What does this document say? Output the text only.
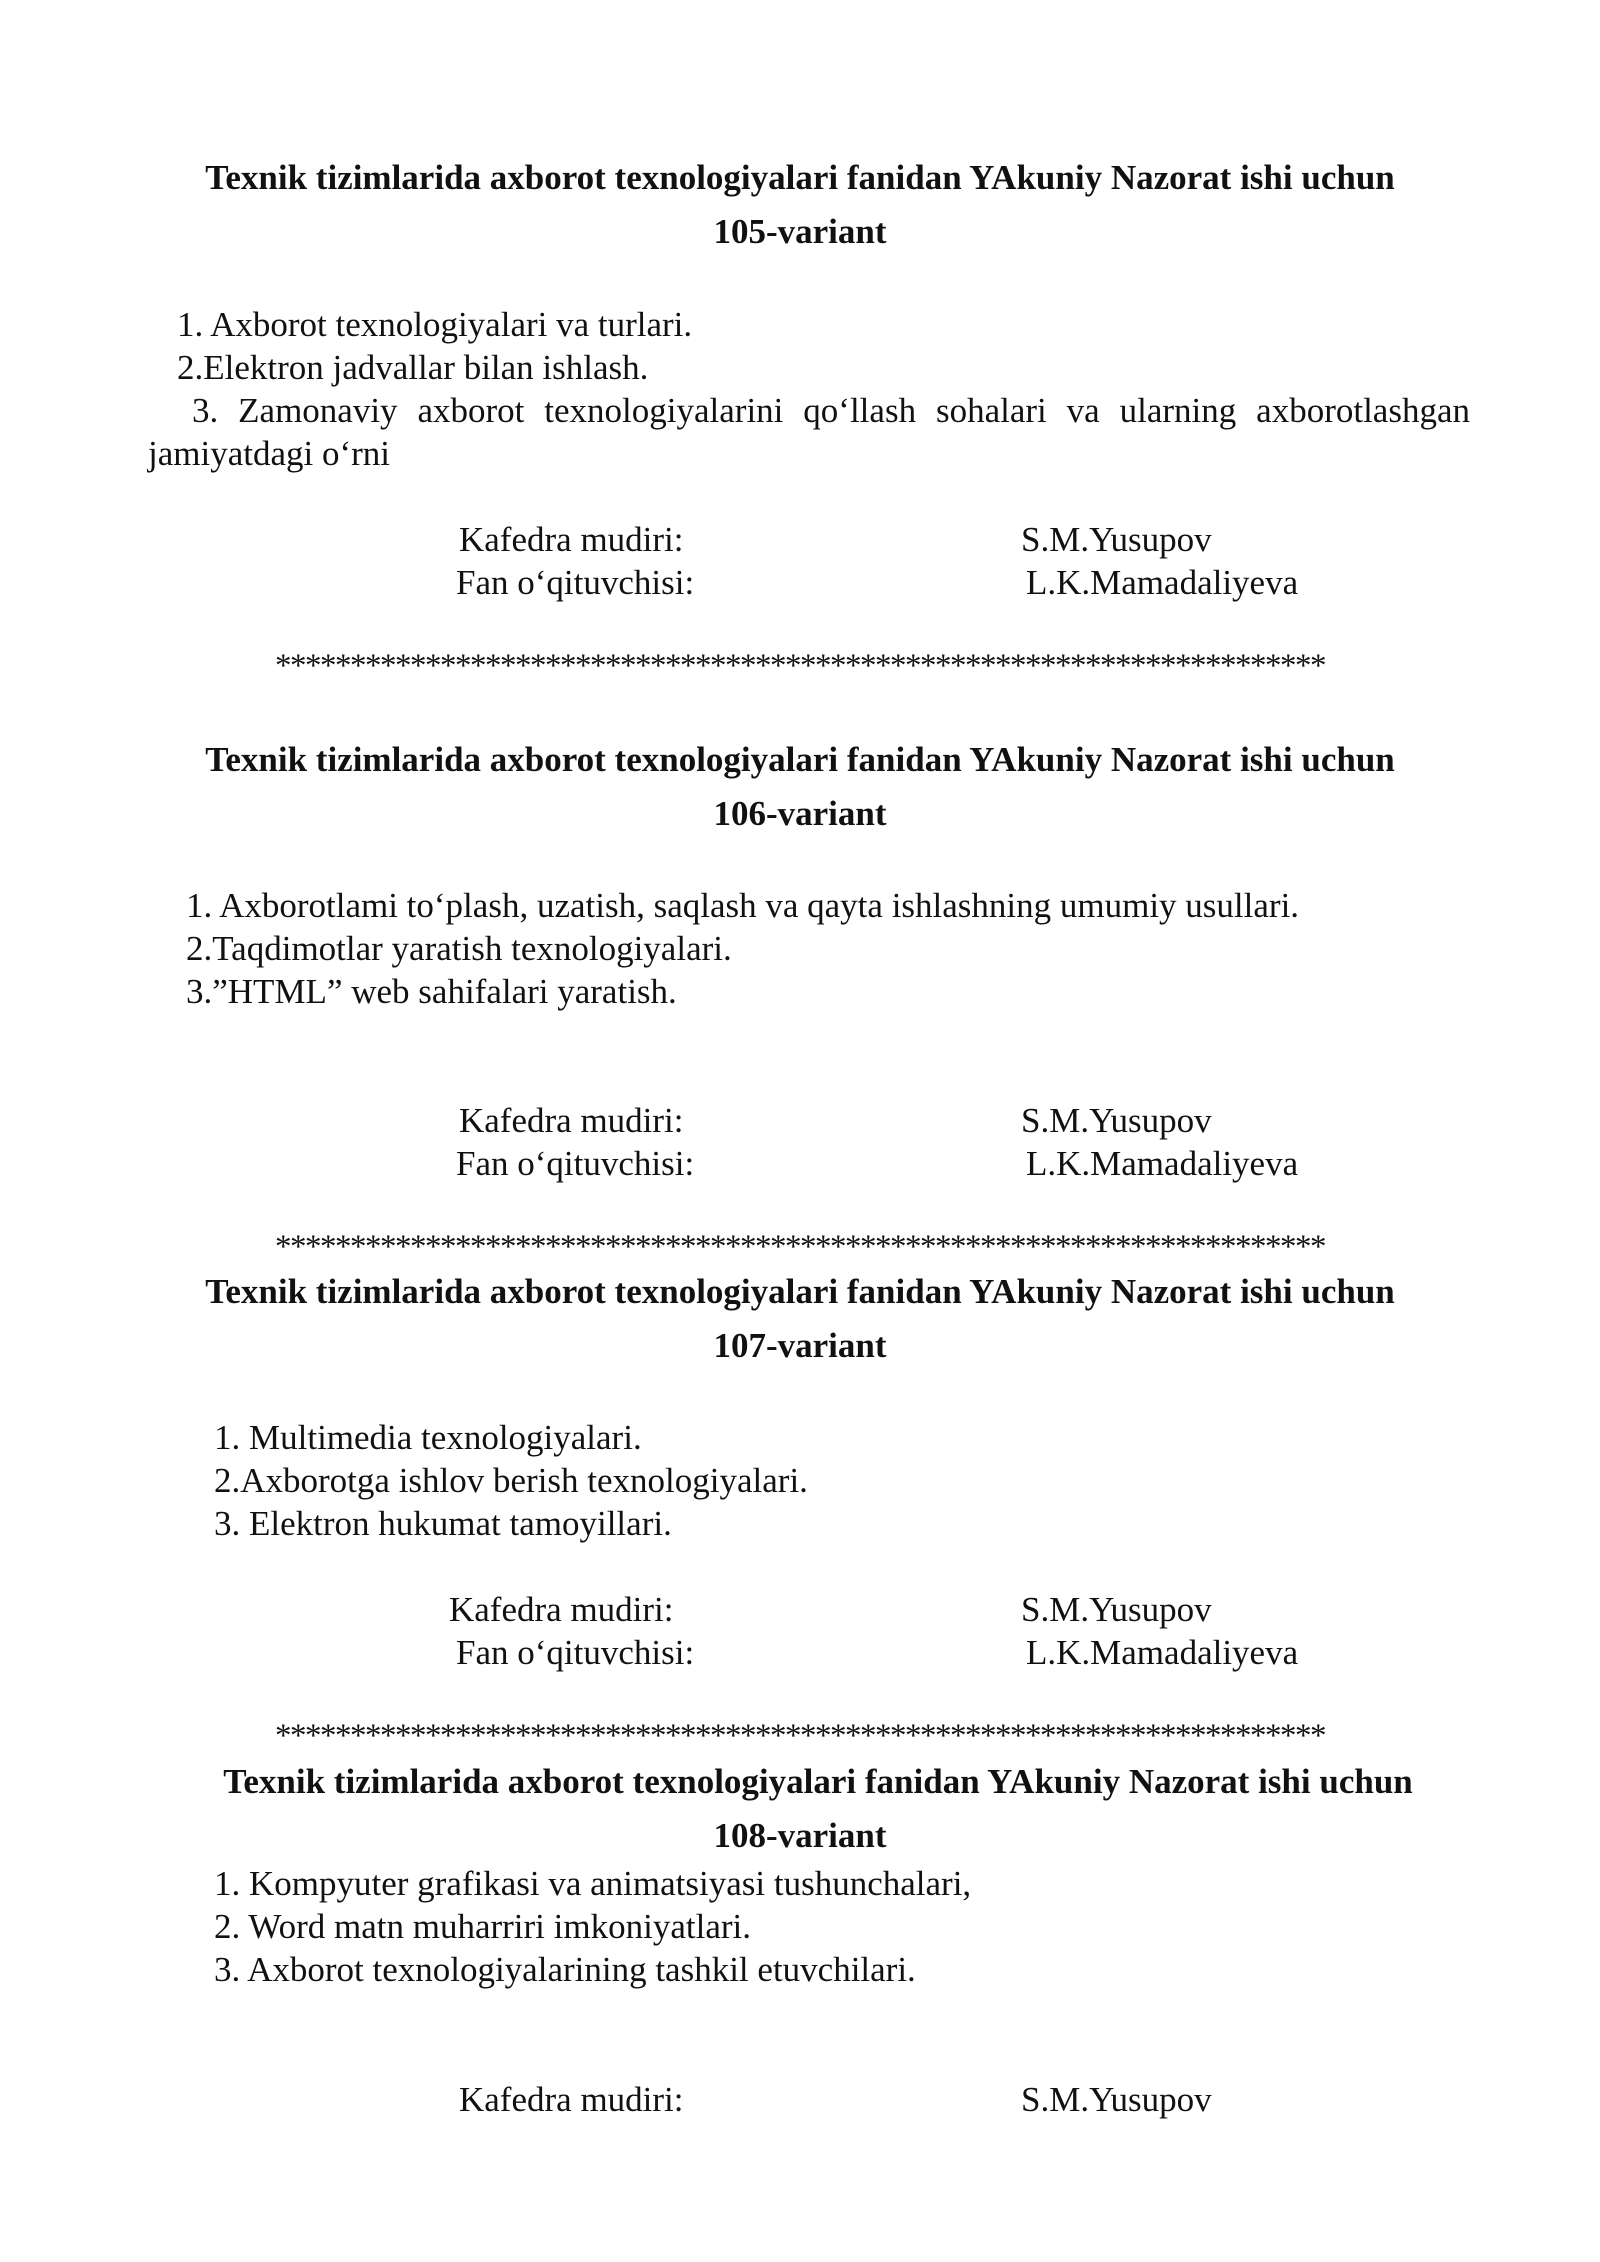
Texnik tizimlarida axborot texnologiyalari fanidan YAkuniy Nazorat ishi uchun
105-variant
1. Axborot texnologiyalari va turlari.
2.Elektron jadvallar bilan ishlash.
3. Zamonaviy axborot texnologiyalarini qo‘llash sohalari va ularning axborotlashgan
jamiyatdagi o‘rni
Kafedra mudiri:	S.M.Yusupov
Fan o‘qituvchisi:	L.K.Mamadaliyeva
**********************************************************************
Texnik tizimlarida axborot texnologiyalari fanidan YAkuniy Nazorat ishi uchun
106-variant
1. Axborotlami to‘plash, uzatish, saqlash va qayta ishlashning umumiy usullari.
2.Taqdimotlar yaratish texnologiyalari.
3.”HTML” web sahifalari yaratish.
Kafedra mudiri:	S.M.Yusupov
Fan o‘qituvchisi:	L.K.Mamadaliyeva
**********************************************************************
Texnik tizimlarida axborot texnologiyalari fanidan YAkuniy Nazorat ishi uchun
107-variant
1. Multimedia texnologiyalari.
2.Axborotga ishlov berish texnologiyalari.
3. Elektron hukumat tamoyillari.
Kafedra mudiri:	S.M.Yusupov
Fan o‘qituvchisi:	L.K.Mamadaliyeva
**********************************************************************
Texnik tizimlarida axborot texnologiyalari fanidan YAkuniy Nazorat ishi uchun
108-variant
1. Kompyuter grafikasi va animatsiyasi tushunchalari,
2. Word matn muharriri imkoniyatlari.
3. Axborot texnologiyalarining tashkil etuvchilari.
Kafedra mudiri:	S.M.Yusupov
